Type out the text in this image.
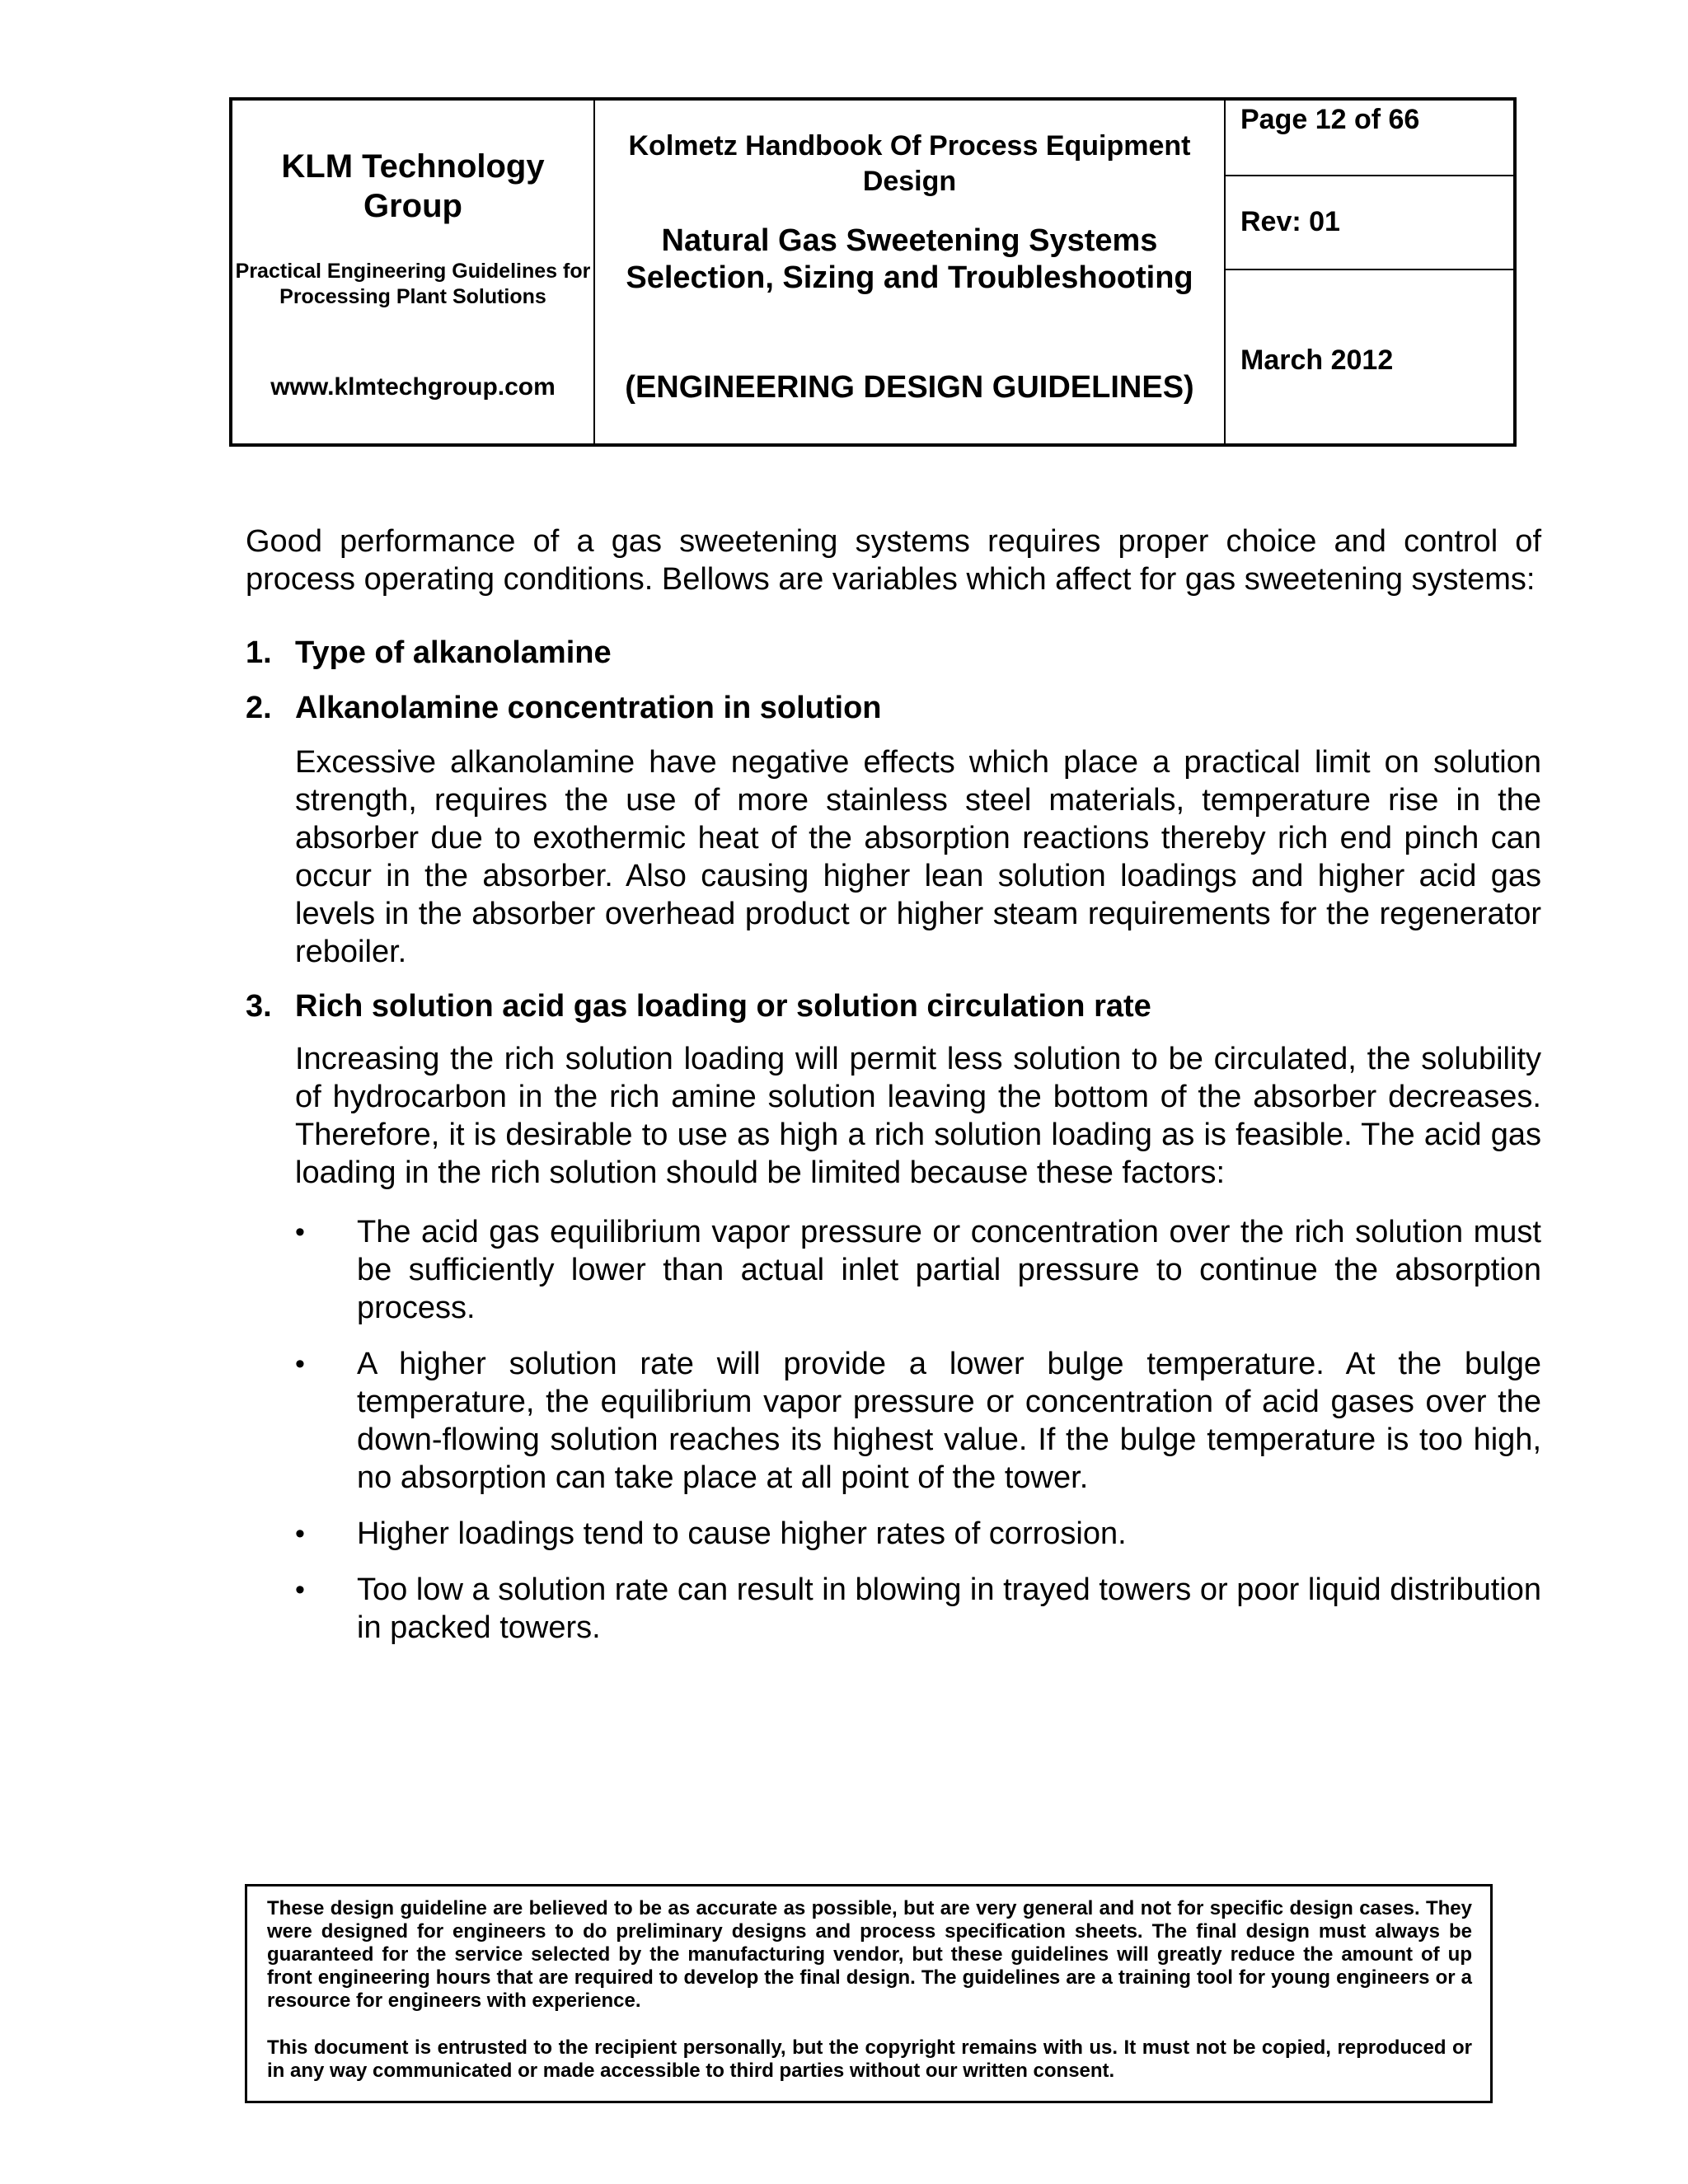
KLM Technology Group
Practical Engineering Guidelines for Processing Plant Solutions
www.klmtechgroup.com
Kolmetz Handbook Of Process Equipment Design
Natural Gas Sweetening Systems Selection, Sizing and Troubleshooting
(ENGINEERING DESIGN GUIDELINES)
Page 12 of 66
Rev: 01
March 2012

Good performance of a gas sweetening systems requires proper choice and control of process operating conditions. Bellows are variables which affect for gas sweetening systems:

1. Type of alkanolamine
2. Alkanolamine concentration in solution

Excessive alkanolamine have negative effects which place a practical limit on solution strength, requires the use of more stainless steel materials, temperature rise in the absorber due to exothermic heat of the absorption reactions thereby rich end pinch can occur in the absorber. Also causing higher lean solution loadings and higher acid gas levels in the absorber overhead product or higher steam requirements for the regenerator reboiler.

3. Rich solution acid gas loading or solution circulation rate

Increasing the rich solution loading will permit less solution to be circulated, the solubility of hydrocarbon in the rich amine solution leaving the bottom of the absorber decreases. Therefore, it is desirable to use as high a rich solution loading as is feasible. The acid gas loading in the rich solution should be limited because these factors:

•	The acid gas equilibrium vapor pressure or concentration over the rich solution must be sufficiently lower than actual inlet partial pressure to continue the absorption process.
•	A higher solution rate will provide a lower bulge temperature. At the bulge temperature, the equilibrium vapor pressure or concentration of acid gases over the down-flowing solution reaches its highest value. If the bulge temperature is too high, no absorption can take place at all point of the tower.
•	Higher loadings tend to cause higher rates of corrosion.
•	Too low a solution rate can result in blowing in trayed towers or poor liquid distribution in packed towers.

These design guideline are believed to be as accurate as possible, but are very general and not for specific design cases. They were designed for engineers to do preliminary designs and process specification sheets. The final design must always be guaranteed for the service selected by the manufacturing vendor, but these guidelines will greatly reduce the amount of up front engineering hours that are required to develop the final design. The guidelines are a training tool for young engineers or a resource for engineers with experience.

This document is entrusted to the recipient personally, but the copyright remains with us. It must not be copied, reproduced or in any way communicated or made accessible to third parties without our written consent.
